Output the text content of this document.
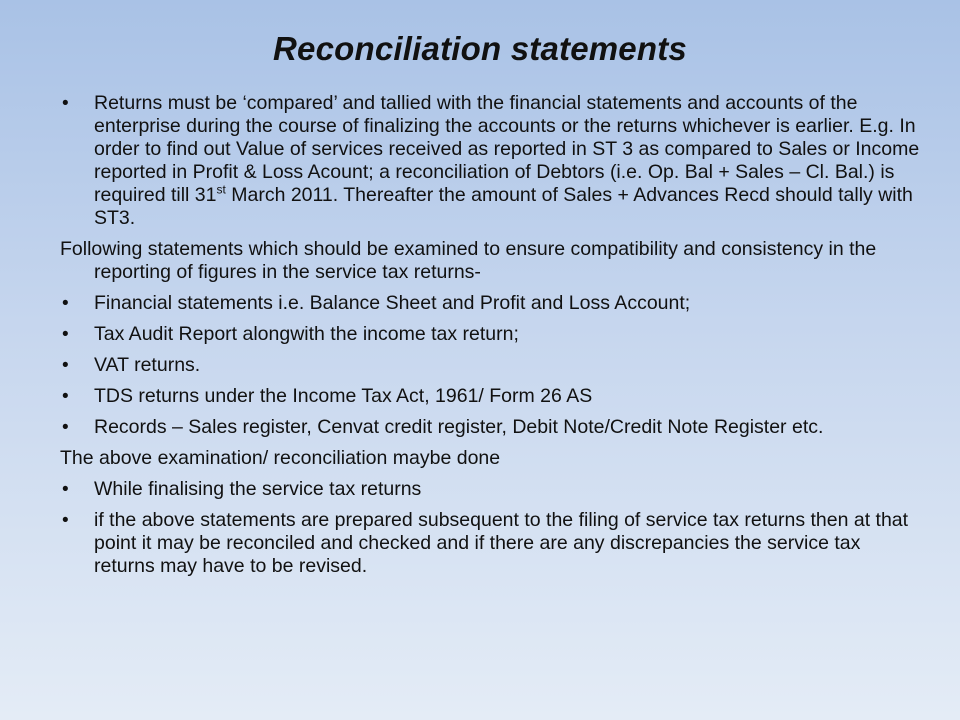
Reconciliation statements
• Returns must be ‘compared’ and tallied with the financial statements and accounts of the enterprise during the course of finalizing the accounts or the returns whichever is earlier. E.g. In order to find out Value of services received as reported in ST 3 as compared to Sales or Income reported in Profit & Loss Acount; a reconciliation of Debtors (i.e. Op. Bal + Sales – Cl. Bal.) is required till 31st March 2011. Thereafter the amount of Sales + Advances Recd should tally with ST3.
Following statements which should be examined to ensure compatibility and consistency in the reporting of figures in the service tax returns-
• Financial statements i.e. Balance Sheet and Profit and Loss Account;
• Tax Audit Report alongwith the income tax return;
• VAT returns.
• TDS returns under the Income Tax Act, 1961/ Form 26 AS
• Records – Sales register, Cenvat credit register, Debit Note/Credit Note Register etc.
The above examination/ reconciliation maybe done
• While finalising the service tax returns
• if the above statements are prepared subsequent to the filing of service tax returns then at that point it may be reconciled and checked and if there are any discrepancies the service tax returns may have to be revised.
